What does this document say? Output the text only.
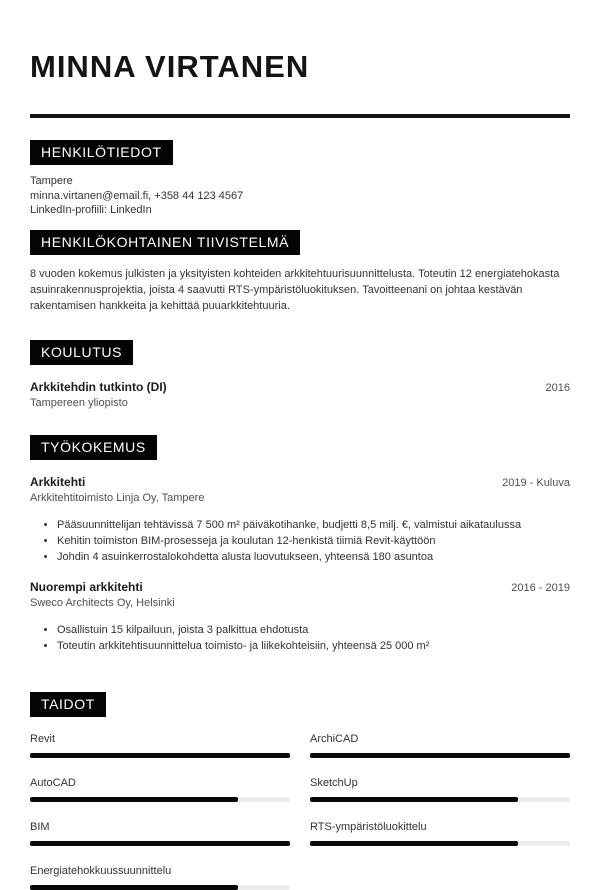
MINNA VIRTANEN
HENKILÖTIEDOT
Tampere
minna.virtanen@email.fi, +358 44 123 4567
LinkedIn-profiili: LinkedIn
HENKILÖKOHTAINEN TIIVISTELMÄ
8 vuoden kokemus julkisten ja yksityisten kohteiden arkkitehtuurisuunnittelusta. Toteutin 12 energiatehokasta asuinrakennusprojektia, joista 4 saavutti RTS-ympäristöluokituksen. Tavoitteenani on johtaa kestävän rakentamisen hankkeita ja kehittää puuarkkitehtuuria.
KOULUTUS
Arkkitehdin tutkinto (DI)	2016
Tampereen yliopisto
TYÖKOKEMUS
Arkkitehti	2019 - Kuluva
Arkkitehtitoimisto Linja Oy, Tampere
• Pääsuunnittelijan tehtävissä 7 500 m² päiväkotihanke, budjetti 8,5 milj. €, valmistui aikataulussa
• Kehitin toimiston BIM-prosesseja ja koulutan 12-henkistä tiimiä Revit-käyttöön
• Johdin 4 asuinkerrostalokohdetta alusta luovutukseen, yhteensä 180 asuntoa
Nuorempi arkkitehti	2016 - 2019
Sweco Architects Oy, Helsinki
• Osallistuin 15 kilpailuun, joista 3 palkittua ehdotusta
• Toteutin arkkitehtisuunnittelua toimisto- ja liikekohteisiin, yhteensä 25 000 m²
TAIDOT
Revit	ArchiCAD
AutoCAD	SketchUp
BIM	RTS-ympäristöluokittelu
Energiatehokkuussuunnittelu
